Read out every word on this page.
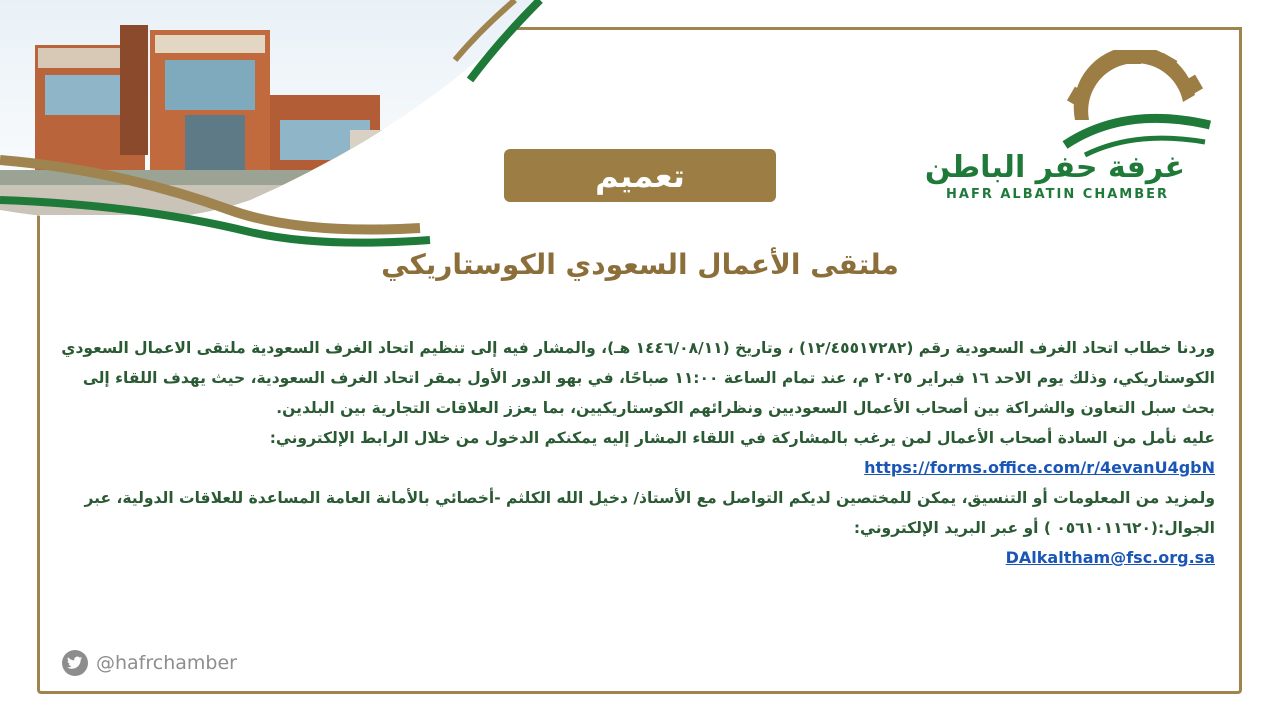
غرفة حفر الباطن
HAFR ALBATIN CHAMBER
تعميم
ملتقى الأعمال السعودي الكوستاريكي

وردنا خطاب اتحاد الغرف السعودية رقم (١٢/٤٥٥١٧٢٨٢) ، وتاريخ (١٤٤٦/٠٨/١١ هـ)، والمشار فيه إلى تنظيم اتحاد الغرف السعودية ملتقى الاعمال السعودي الكوستاريكي، وذلك يوم الاحد ١٦ فبراير ٢٠٢٥ م، عند تمام الساعة ١١:٠٠ صباحًا، في بهو الدور الأول بمقر اتحاد الغرف السعودية، حيث يهدف اللقاء إلى بحث سبل التعاون والشراكة بين أصحاب الأعمال السعوديين ونظرائهم الكوستاريكيين، بما يعزز العلاقات التجارية بين البلدين.

عليه نأمل من السادة أصحاب الأعمال لمن يرغب بالمشاركة في اللقاء المشار إليه يمكنكم الدخول من خلال الرابط الإلكتروني:

https://forms.office.com/r/4evanU4gbN

ولمزيد من المعلومات أو التنسيق، يمكن للمختصين لديكم التواصل مع الأستاذ/ دخيل الله الكلثم -أخصائي بالأمانة العامة المساعدة للعلاقات الدولية، عبر الجوال:(٠٥٦١٠١١٦٢٠ ) أو عبر البريد الإلكتروني:

DAlkaltham@fsc.org.sa

@hafrchamber
